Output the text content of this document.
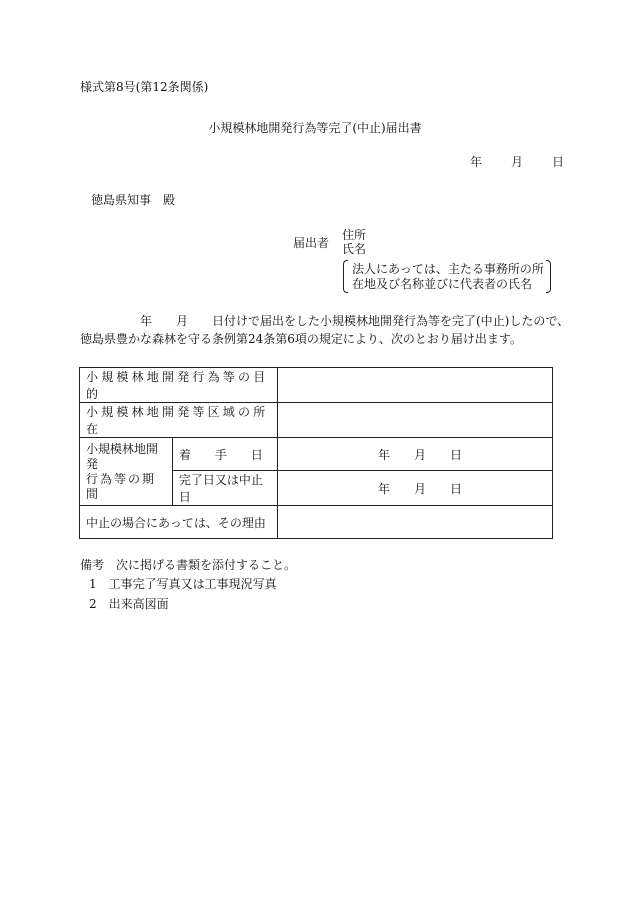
様式第8号(第12条関係)
小規模林地開発行為等完了(中止)届出書
年 月 日
徳島県知事　殿
届出者
住所
氏名
法人にあっては、主たる事務所の所
在地及び名称並びに代表者の氏名
　　　　　年　　月　　日付けで届出をした小規模林地開発行為等を完了(中止)したので、
徳島県豊かな森林を守る条例第24条第6項の規定により、次のとおり届け出ます。
小規模林地開発行為等の目的		
小規模林地開発等区域の所在		

小規模林地開発
行為等の期間	着　　手　　日	年　　月　　日
	完了日又は中止日	年　　月　　日
中止の場合にあっては、その理由		
備考　次に掲げる書類を添付すること。
1　工事完了写真又は工事現況写真
2　出来高図面
